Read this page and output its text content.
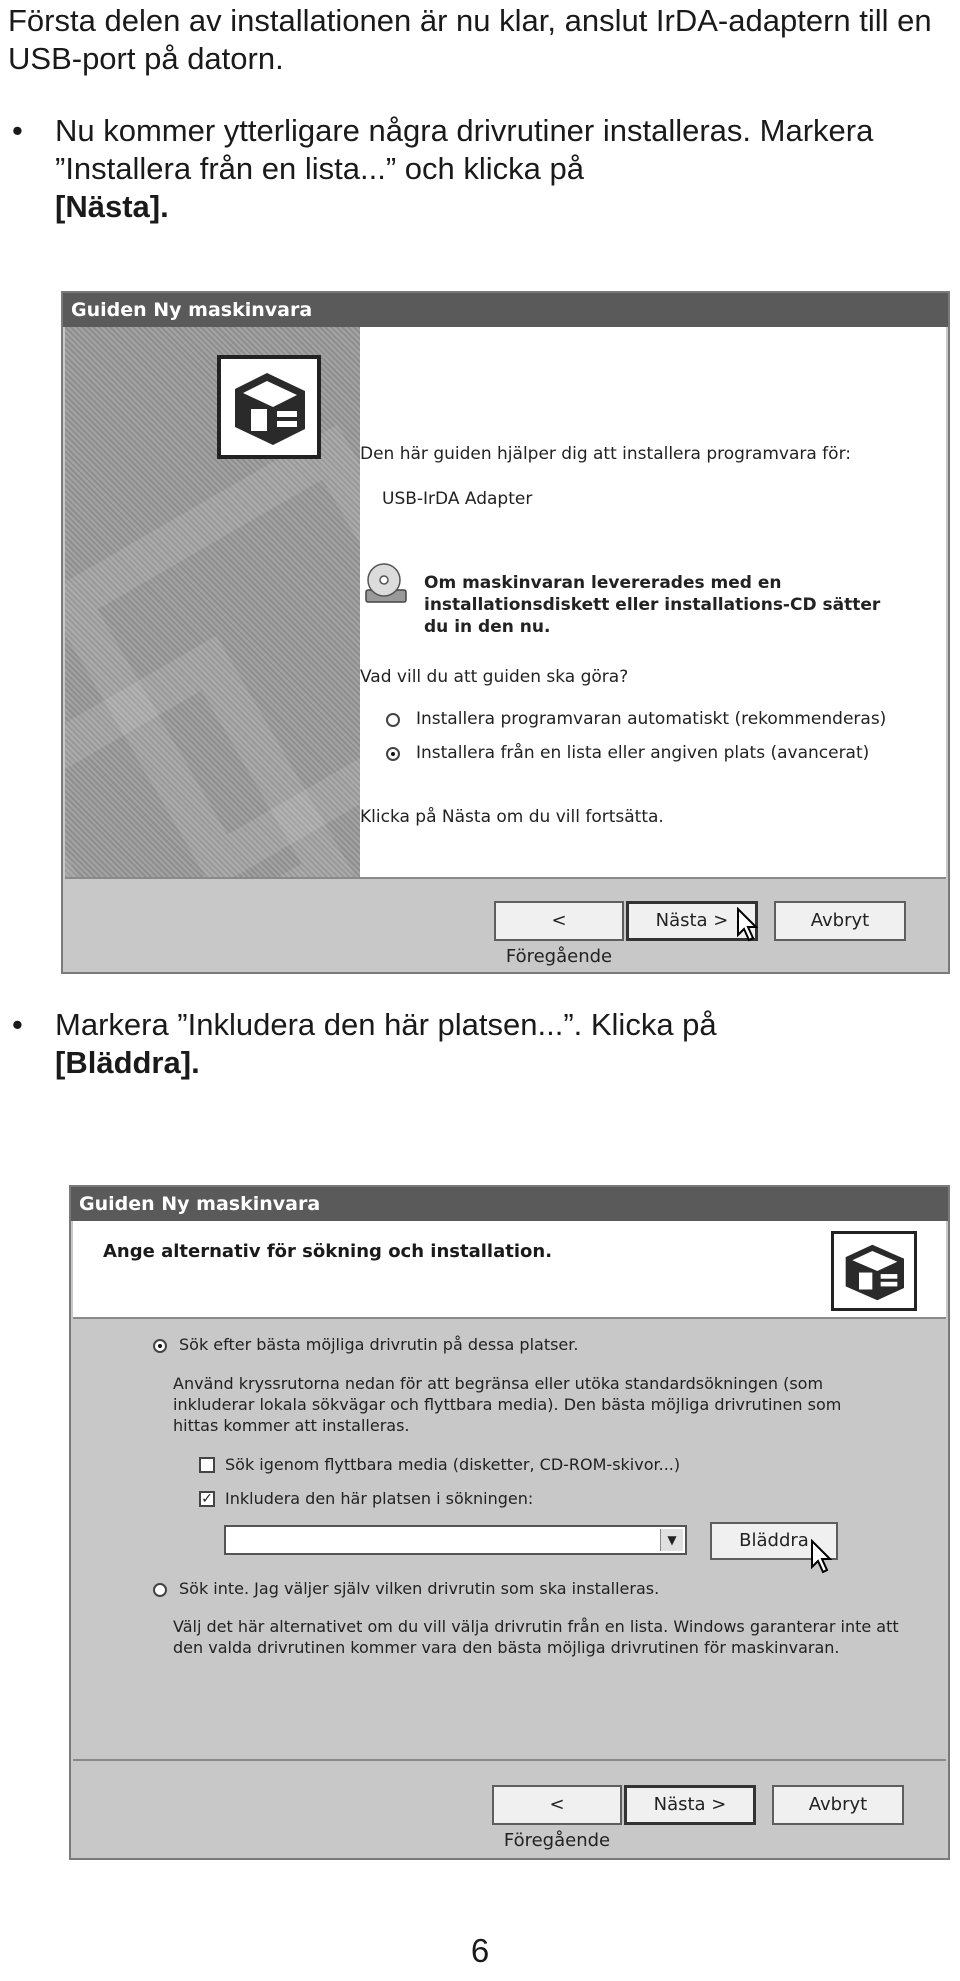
Första delen av installationen är nu klar, anslut IrDA-adaptern till en USB-port på datorn.
• Nu kommer ytterligare några drivrutiner installeras. Markera ”Installera från en lista...” och klicka på
[Nästa].
Guiden Ny maskinvara
Den här guiden hjälper dig att installera programvara för:
USB-IrDA Adapter
Om maskinvaran levererades med en
installationsdiskett eller installations-CD sätter
du in den nu.
Vad vill du att guiden ska göra?
Installera programvaran automatiskt (rekommenderas)
Installera från en lista eller angiven plats (avancerat)
Klicka på Nästa om du vill fortsätta.
< Föregående
Nästa >	Avbryt
• Markera ”Inkludera den här platsen...”. Klicka på
[Bläddra].
Guiden Ny maskinvara
Ange alternativ för sökning och installation.
Sök efter bästa möjliga drivrutin på dessa platser.
Använd kryssrutorna nedan för att begränsa eller utöka standardsökningen (som
inkluderar lokala sökvägar och flyttbara media). Den bästa möjliga drivrutinen som
hittas kommer att installeras.
Sök igenom flyttbara media (disketter, CD-ROM-skivor...)
✓ Inkludera den här platsen i sökningen:
▼	Bläddra
Sök inte. Jag väljer själv vilken drivrutin som ska installeras.
Välj det här alternativet om du vill välja drivrutin från en lista. Windows garanterar inte att
den valda drivrutinen kommer vara den bästa möjliga drivrutinen för maskinvaran.
< Föregående
Nästa >	Avbryt
6
